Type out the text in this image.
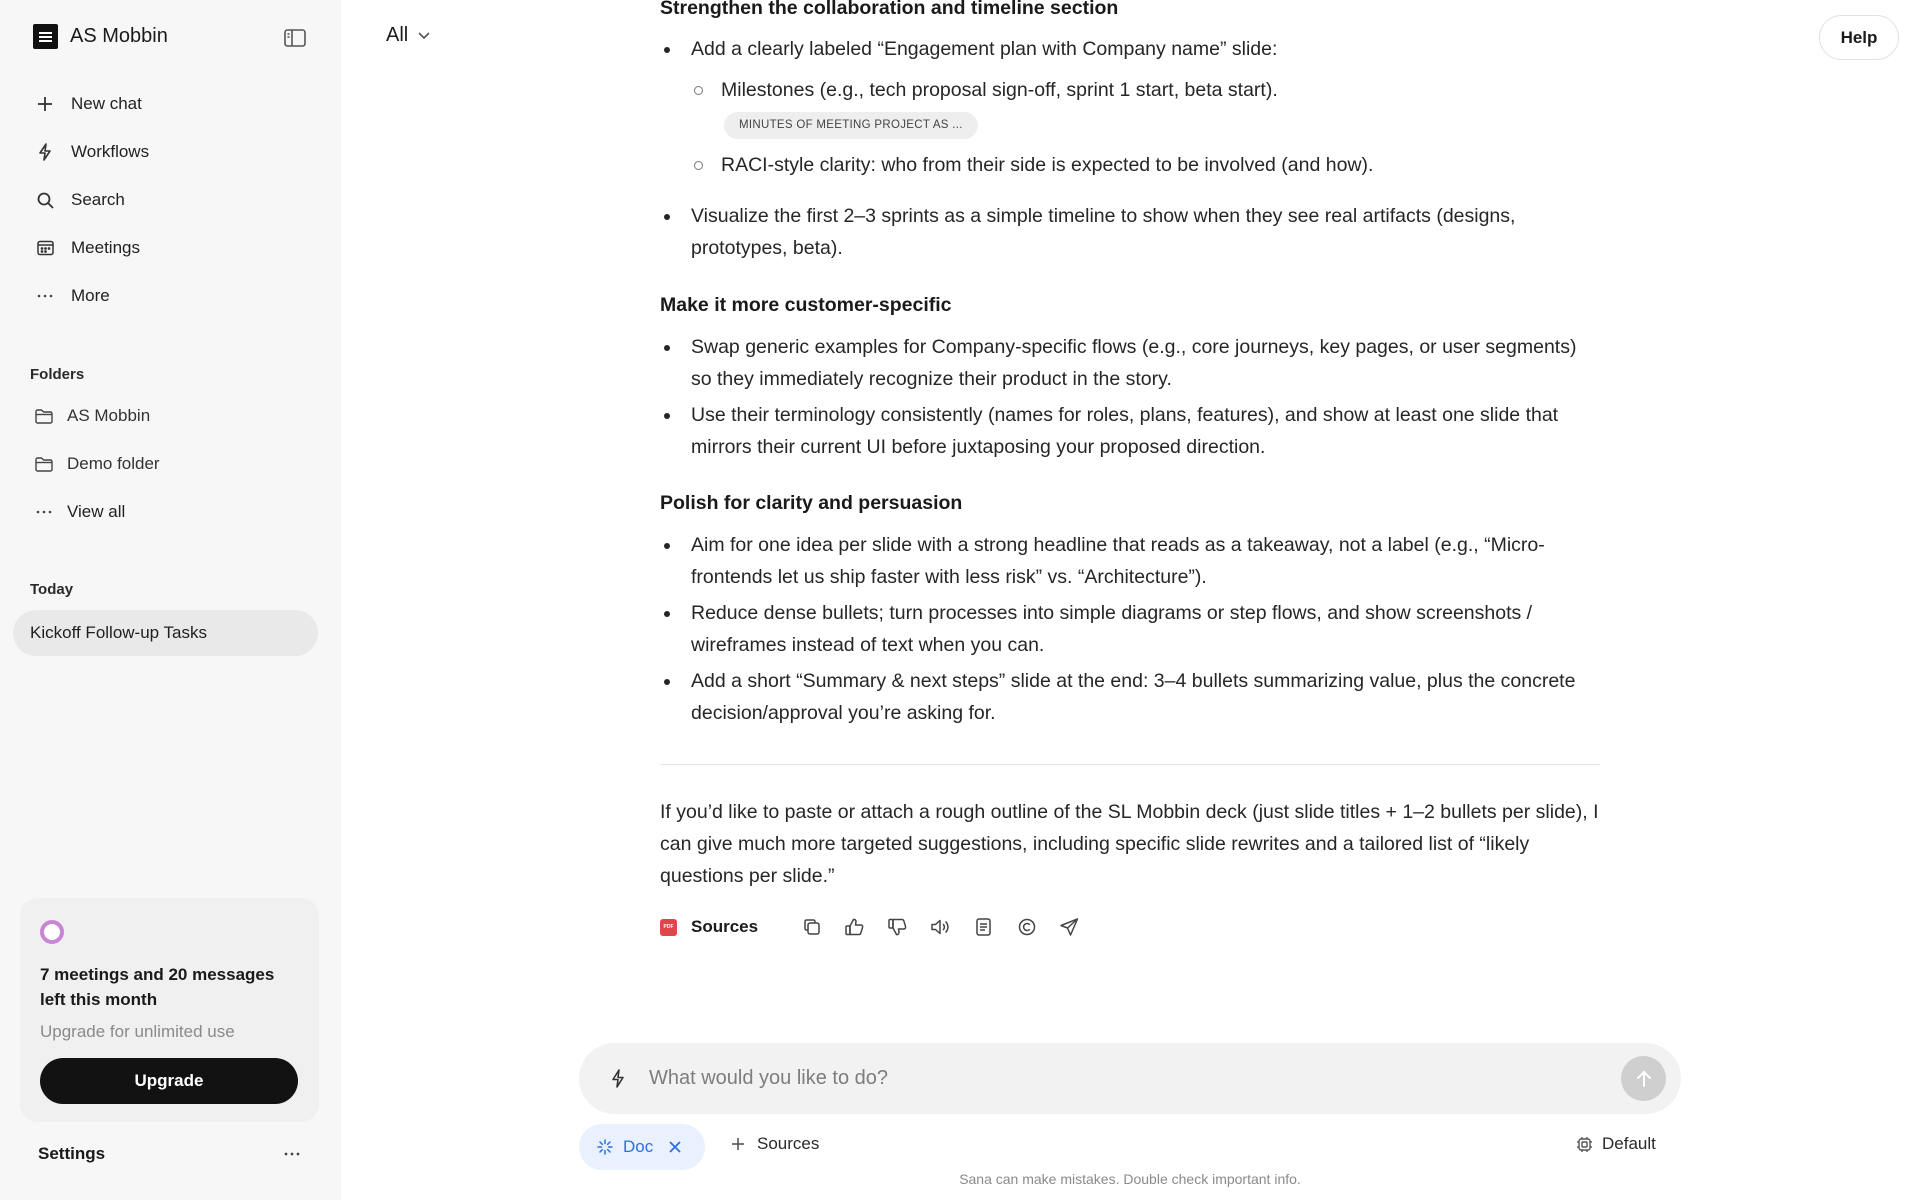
AS Mobbin
New chat
Workflows
Search
Meetings
More
Folders
AS Mobbin
Demo folder
View all
Today
Kickoff Follow-up Tasks
7 meetings and 20 messages left this month
Upgrade for unlimited use
Upgrade
Settings
All	Help
Strengthen the collaboration and timeline section
Add a clearly labeled “Engagement plan with Company name” slide:
Milestones (e.g., tech proposal sign-off, sprint 1 start, beta start).
MINUTES OF MEETING PROJECT AS ...
RACI-style clarity: who from their side is expected to be involved (and how).
Visualize the first 2–3 sprints as a simple timeline to show when they see real artifacts (designs, prototypes, beta).
Make it more customer-specific
Swap generic examples for Company-specific flows (e.g., core journeys, key pages, or user segments) so they immediately recognize their product in the story.
Use their terminology consistently (names for roles, plans, features), and show at least one slide that mirrors their current UI before juxtaposing your proposed direction.
Polish for clarity and persuasion
Aim for one idea per slide with a strong headline that reads as a takeaway, not a label (e.g., “Micro-frontends let us ship faster with less risk” vs. “Architecture”).
Reduce dense bullets; turn processes into simple diagrams or step flows, and show screenshots / wireframes instead of text when you can.
Add a short “Summary & next steps” slide at the end: 3–4 bullets summarizing value, plus the concrete decision/approval you’re asking for.

If you’d like to paste or attach a rough outline of the SL Mobbin deck (just slide titles + 1–2 bullets per slide), I can give much more targeted suggestions, including specific slide rewrites and a tailored list of “likely questions per slide.”

PDF Sources
What would you like to do?
Doc	Sources	Default
Sana can make mistakes. Double check important info.
